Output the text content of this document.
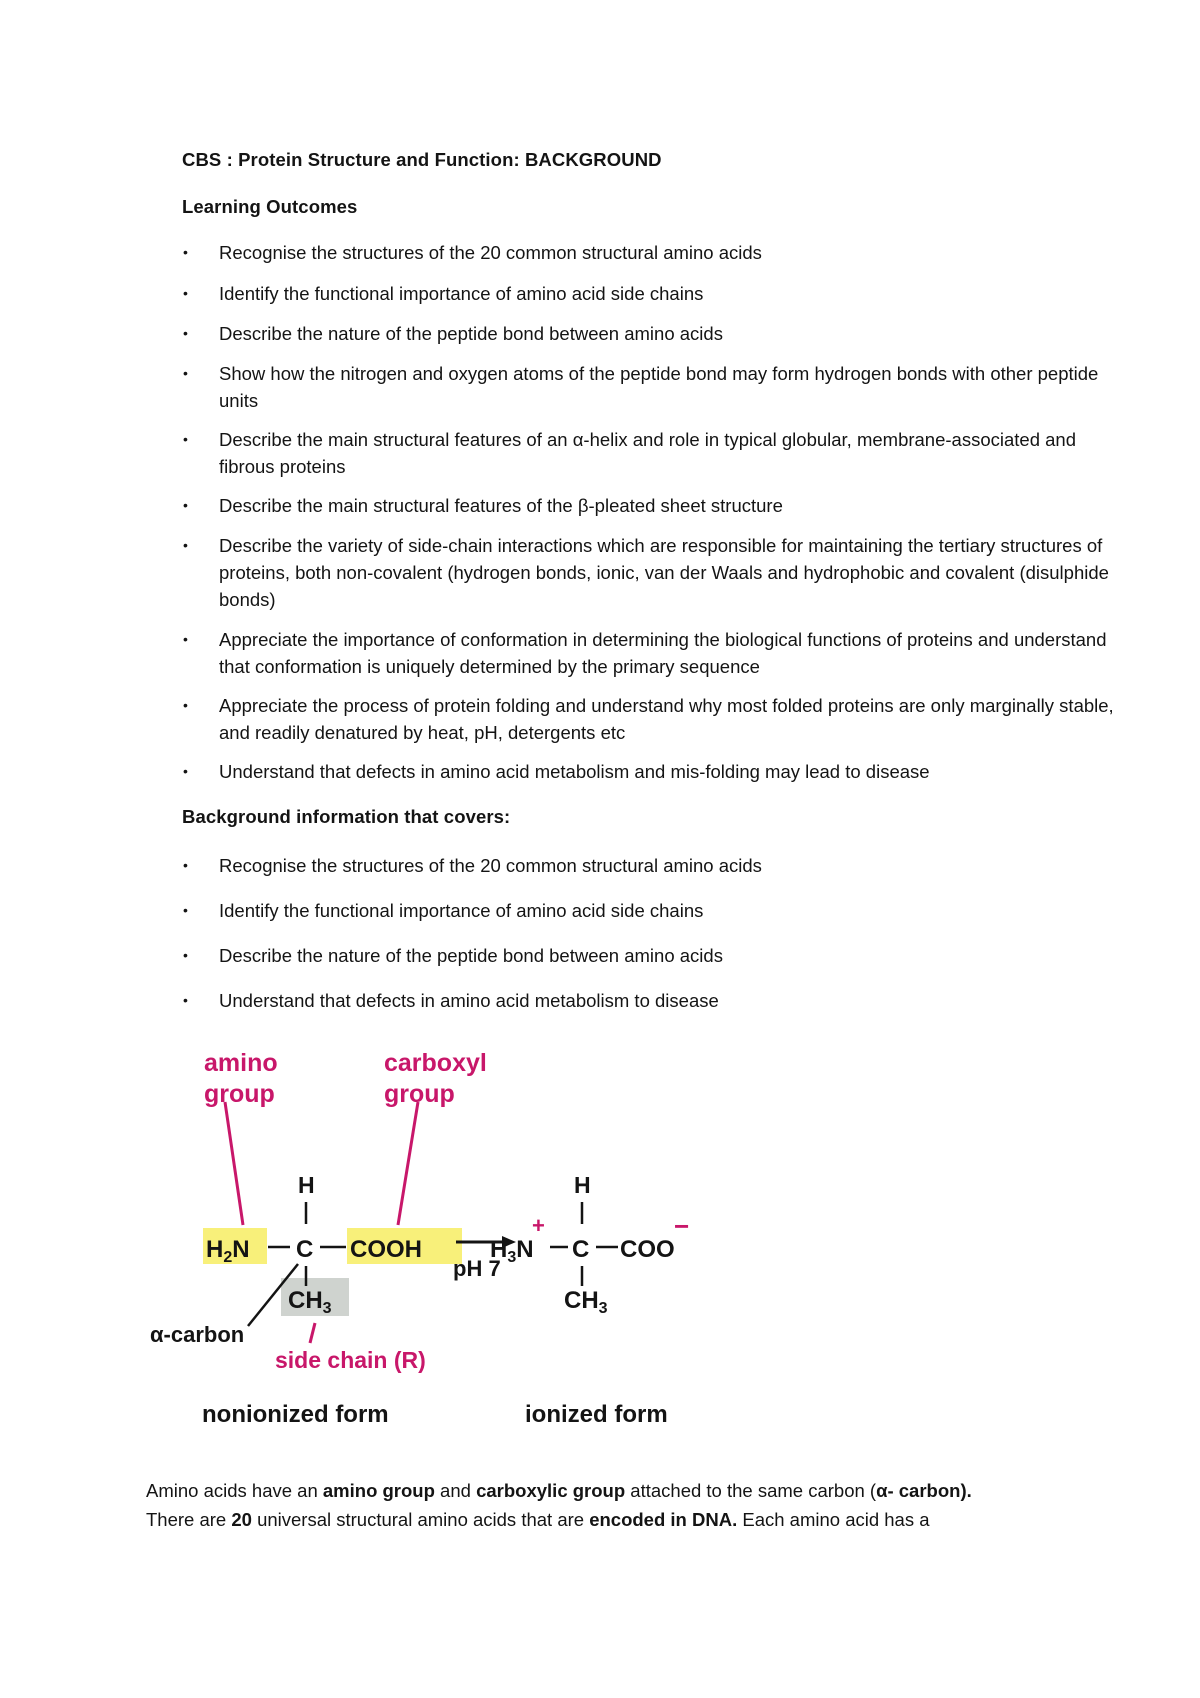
CBS : Protein Structure and Function: BACKGROUND
Learning Outcomes
• Recognise the structures of the 20 common structural amino acids
• Identify the functional importance of amino acid side chains
• Describe the nature of the peptide bond between amino acids
• Show how the nitrogen and oxygen atoms of the peptide bond may form hydrogen bonds with other peptide units
• Describe the main structural features of an α-helix and role in typical globular, membrane-associated and fibrous proteins
• Describe the main structural features of the β-pleated sheet structure
• Describe the variety of side-chain interactions which are responsible for maintaining the tertiary structures of proteins, both non-covalent (hydrogen bonds, ionic, van der Waals and hydrophobic and covalent (disulphide bonds)
• Appreciate the importance of conformation in determining the biological functions of proteins and understand that conformation is uniquely determined by the primary sequence
• Appreciate the process of protein folding and understand why most folded proteins are only marginally stable, and readily denatured by heat, pH, detergents etc
• Understand that defects in amino acid metabolism and mis-folding may lead to disease
Background information that covers:
• Recognise the structures of the 20 common structural amino acids
• Identify the functional importance of amino acid side chains
• Describe the nature of the peptide bond between amino acids
• Understand that defects in amino acid metabolism to disease
amino
group
carboxyl
group
H
$H_2N$ C COOH
$CH_3$
α-carbon
side chain (R)
pH 7
H
+
$H_3N$ C COO
−
$CH_3$
nonionized form	ionized form

Amino acids have an amino group and carboxylic group attached to the same carbon (α- carbon).
There are 20 universal structural amino acids that are encoded in DNA. Each amino acid has a
